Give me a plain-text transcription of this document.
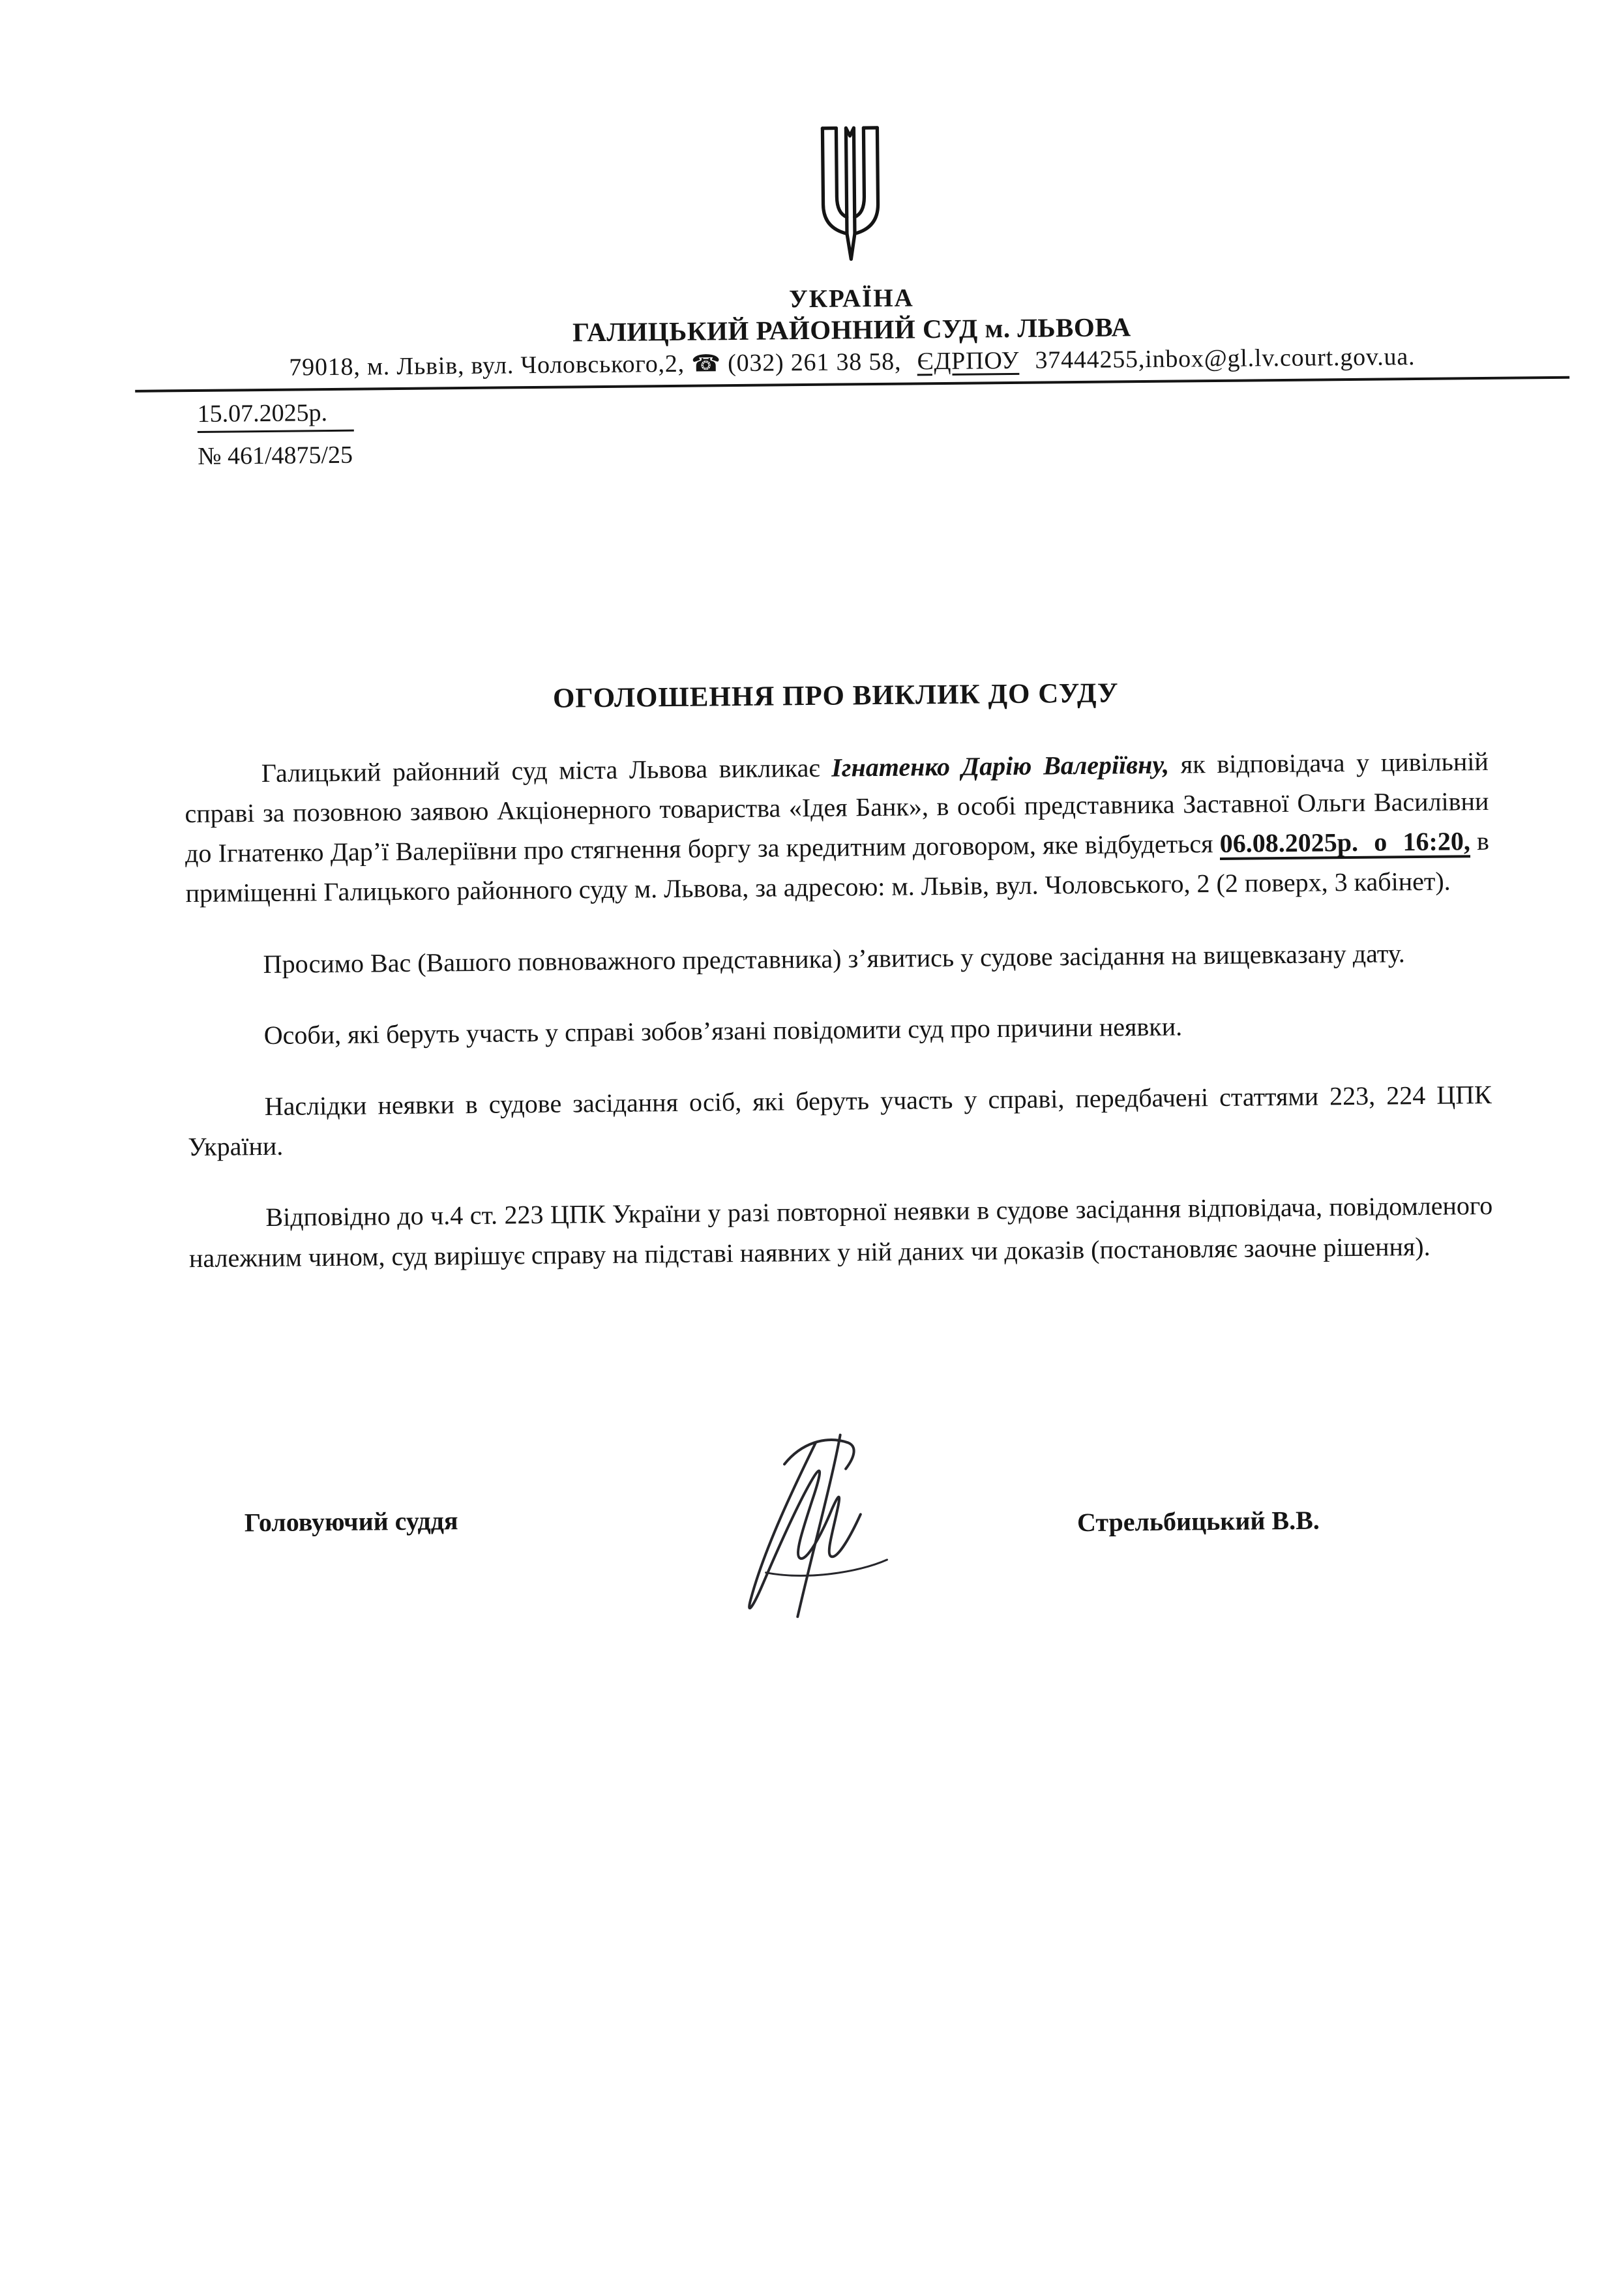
УКРАЇНА
ГАЛИЦЬКИЙ РАЙОННИЙ СУД м. ЛЬВОВА
79018, м. Львів, вул. Чоловського,2, ☎ (032) 261 38 58, ЄДРПОУ 37444255,inbox@gl.lv.court.gov.ua.
15.07.2025р.
№ 461/4875/25
ОГОЛОШЕННЯ ПРО ВИКЛИК ДО СУДУ

Галицький районний суд міста Львова викликає Ігнатенко Дарію Валеріївну, як відповідача у цивільній справі за позовною заявою Акціонерного товариства «Ідея Банк», в особі представника Заставної Ольги Василівни до Ігнатенко Дар’ї Валеріївни про стягнення боргу за кредитним договором, яке відбудеться 06.08.2025р. о 16:20, в приміщенні Галицького районного суду м. Львова, за адресою: м. Львів, вул. Чоловського, 2 (2 поверх, 3 кабінет).

Просимо Вас (Вашого повноважного представника) з’явитись у судове засідання на вищевказану дату.

Особи, які беруть участь у справі зобов’язані повідомити суд про причини неявки.

Наслідки неявки в судове засідання осіб, які беруть участь у справі, передбачені статтями 223, 224 ЦПК України.

Відповідно до ч.4 ст. 223 ЦПК України у разі повторної неявки в судове засідання відповідача, повідомленого належним чином, суд вирішує справу на підставі наявних у ній даних чи доказів (постановляє заочне рішення).

Головуючий суддя	Стрельбицький В.В.
